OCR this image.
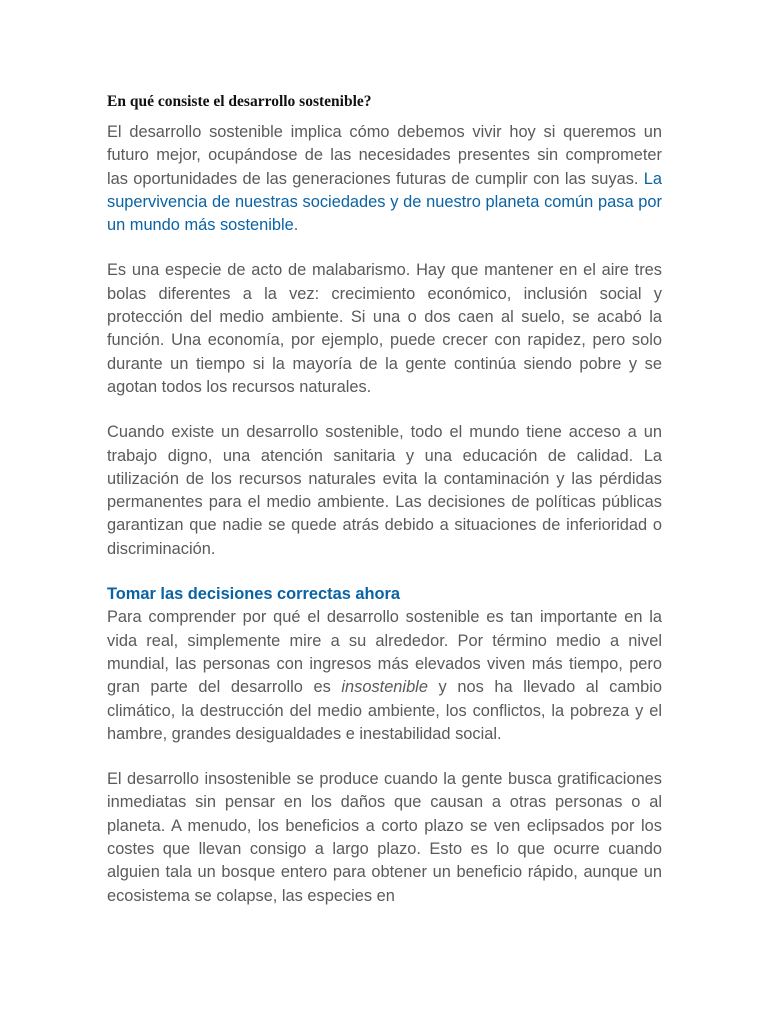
En qué consiste el desarrollo sostenible?

El desarrollo sostenible implica cómo debemos vivir hoy si queremos un futuro mejor, ocupándose de las necesidades presentes sin comprometer las oportunidades de las generaciones futuras de cumplir con las suyas. La supervivencia de nuestras sociedades y de nuestro planeta común pasa por un mundo más sostenible.

Es una especie de acto de malabarismo. Hay que mantener en el aire tres bolas diferentes a la vez: crecimiento económico, inclusión social y protección del medio ambiente. Si una o dos caen al suelo, se acabó la función. Una economía, por ejemplo, puede crecer con rapidez, pero solo durante un tiempo si la mayoría de la gente continúa siendo pobre y se agotan todos los recursos naturales.

Cuando existe un desarrollo sostenible, todo el mundo tiene acceso a un trabajo digno, una atención sanitaria y una educación de calidad. La utilización de los recursos naturales evita la contaminación y las pérdidas permanentes para el medio ambiente. Las decisiones de políticas públicas garantizan que nadie se quede atrás debido a situaciones de inferioridad o discriminación.

Tomar las decisiones correctas ahora

Para comprender por qué el desarrollo sostenible es tan importante en la vida real, simplemente mire a su alrededor. Por término medio a nivel mundial, las personas con ingresos más elevados viven más tiempo, pero gran parte del desarrollo es insostenible y nos ha llevado al cambio climático, la destrucción del medio ambiente, los conflictos, la pobreza y el hambre, grandes desigualdades e inestabilidad social.

El desarrollo insostenible se produce cuando la gente busca gratificaciones inmediatas sin pensar en los daños que causan a otras personas o al planeta. A menudo, los beneficios a corto plazo se ven eclipsados por los costes que llevan consigo a largo plazo. Esto es lo que ocurre cuando alguien tala un bosque entero para obtener un beneficio rápido, aunque un ecosistema se colapse, las especies en
